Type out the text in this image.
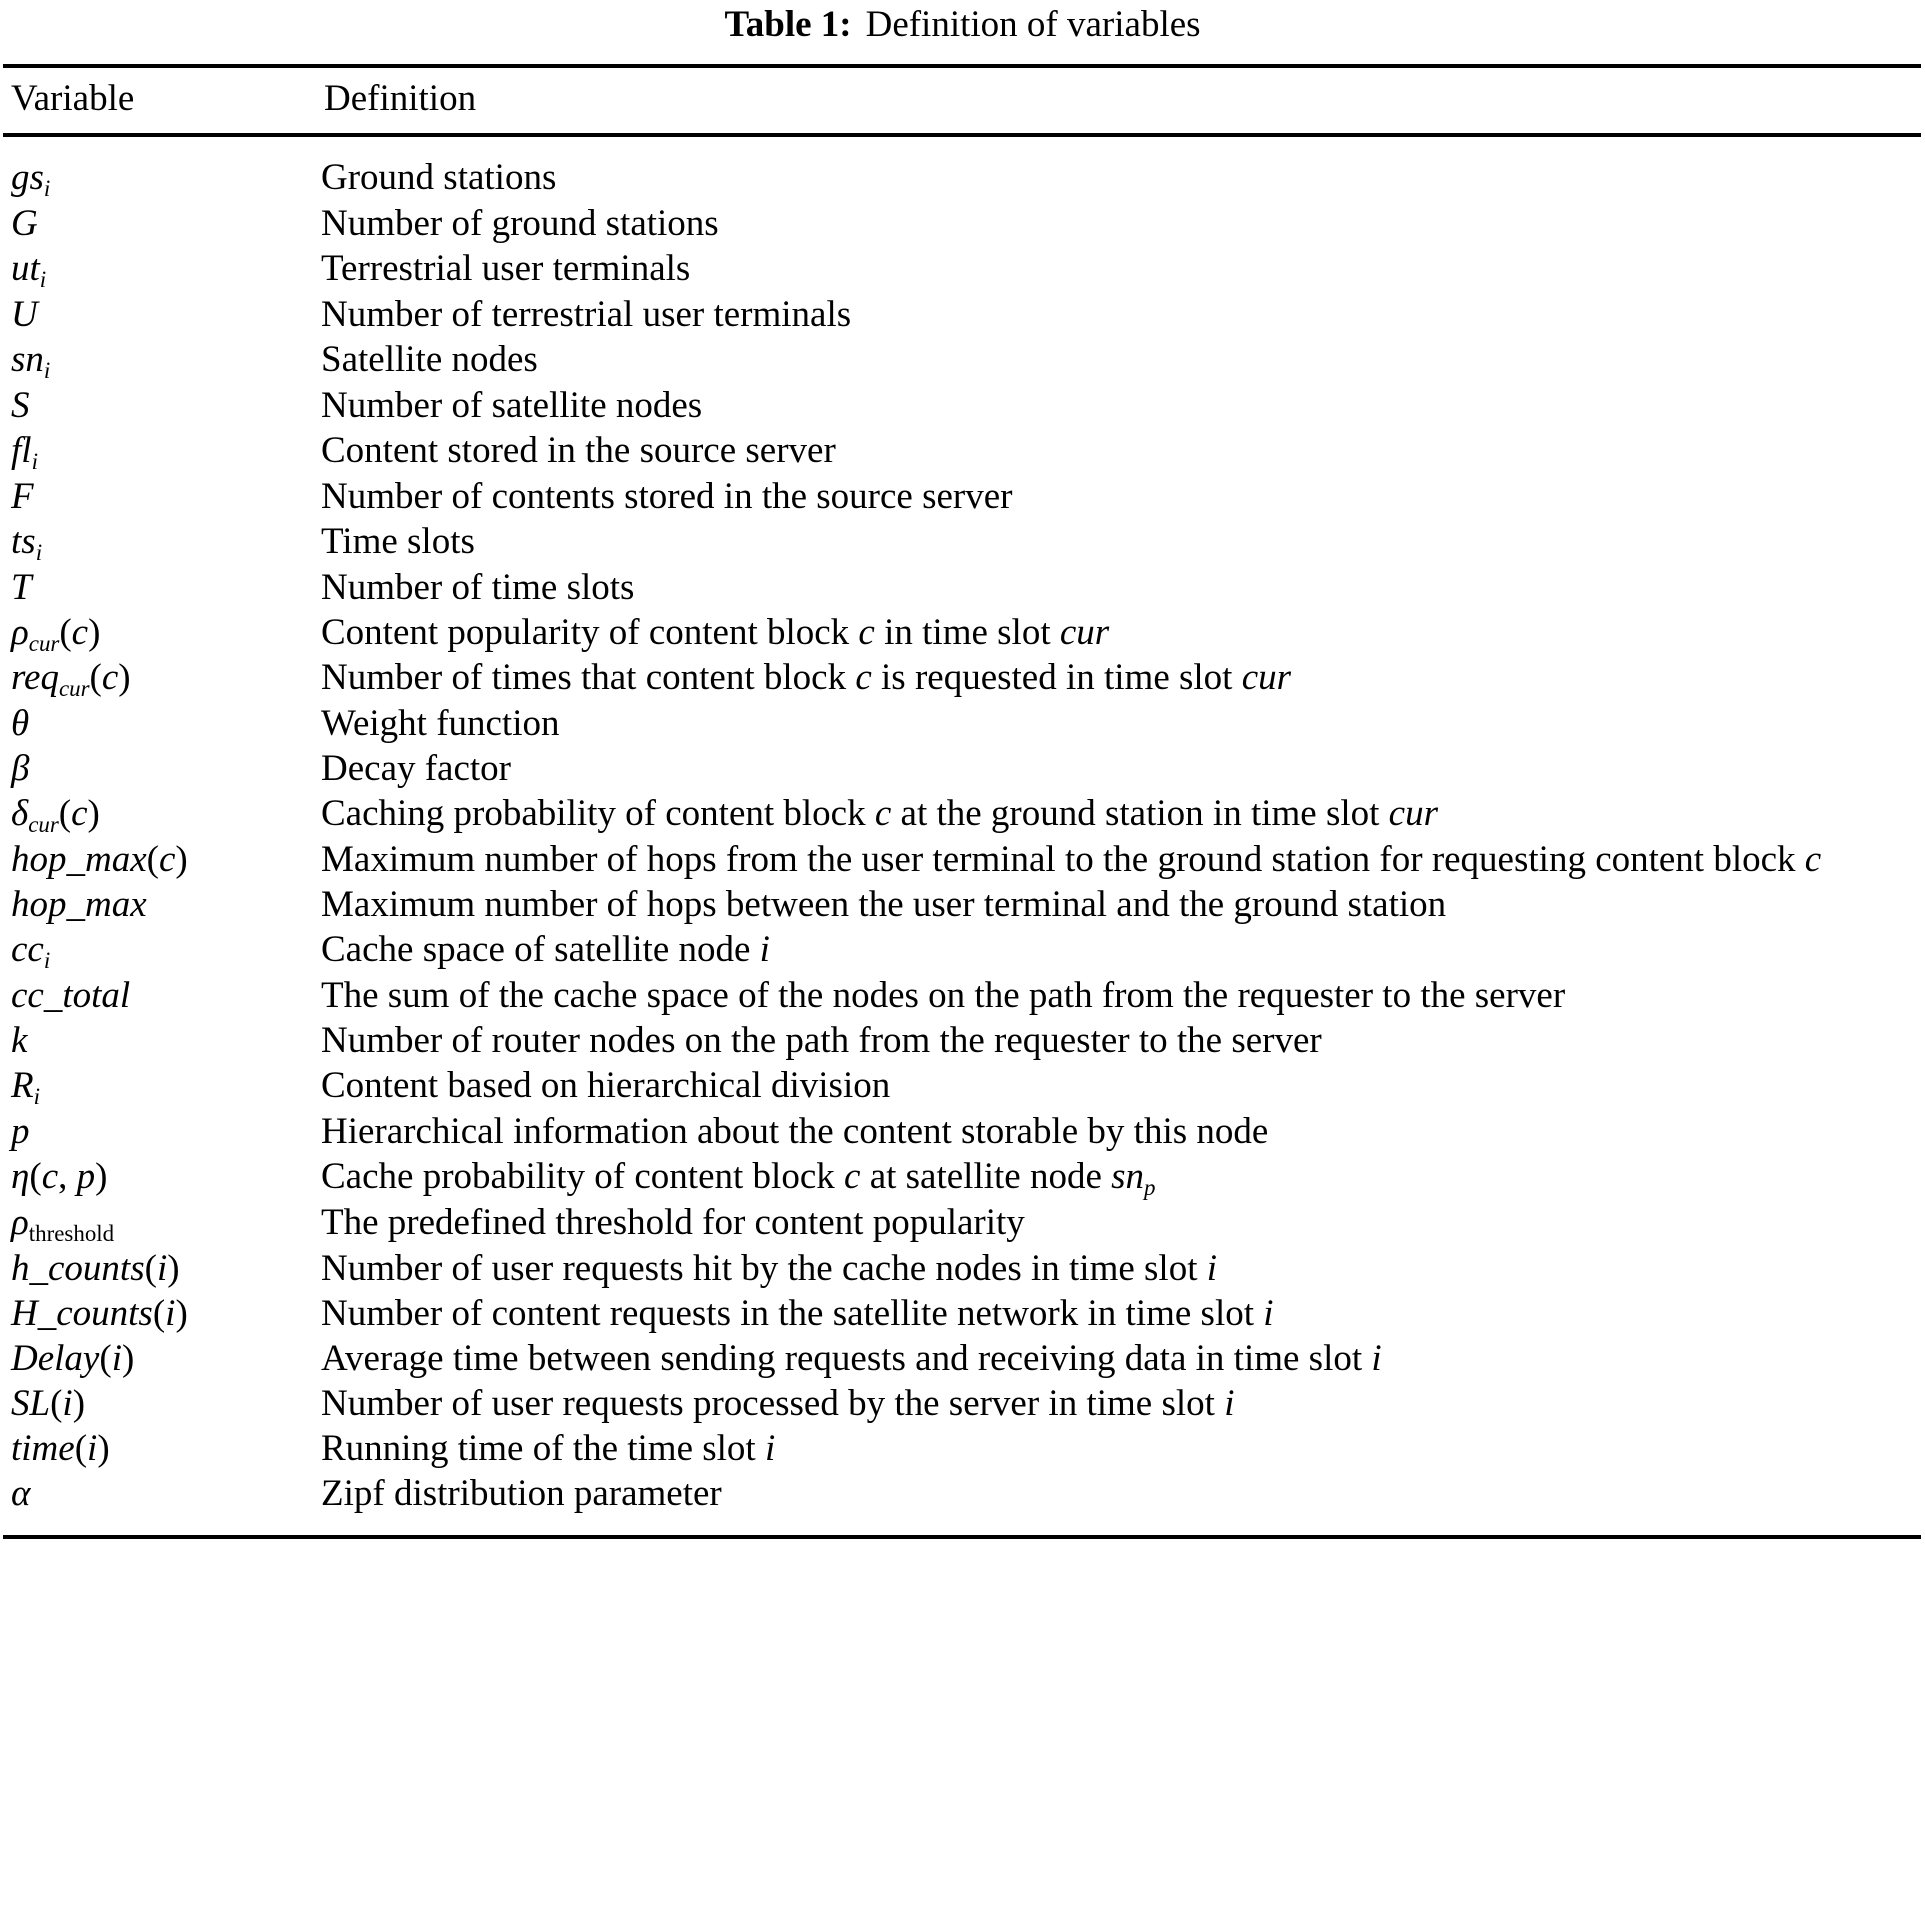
Table 1: Definition of variables
Variable	Definition
$gs_i$	Ground stations
G	Number of ground stations
$ut_i$	Terrestrial user terminals
U	Number of terrestrial user terminals
$sn_i$	Satellite nodes
S	Number of satellite nodes
$fl_i$	Content stored in the source server
F	Number of contents stored in the source server
$ts_i$	Time slots
T	Number of time slots
$\rho_{cur}(c)$	Content popularity of content block c in time slot cur
req$_{cur}$(c)	Number of times that content block c is requested in time slot cur
θ	Weight function
β	Decay factor
$\delta_{cur}(c)$	Caching probability of content block c at the ground station in time slot cur
hop_max(c)	Maximum number of hops from the user terminal to the ground station for requesting content block c
hop_max	Maximum number of hops between the user terminal and the ground station
$cc_i$	Cache space of satellite node i
cc_total	The sum of the cache space of the nodes on the path from the requester to the server
k	Number of router nodes on the path from the requester to the server
$R_i$	Content based on hierarchical division
p	Hierarchical information about the content storable by this node
η(c, p)	Cache probability of content block c at satellite node $sn_p$
ρthreshold	The predefined threshold for content popularity
h_counts(i)	Number of user requests hit by the cache nodes in time slot i
H_counts(i)	Number of content requests in the satellite network in time slot i
Delay(i)	Average time between sending requests and receiving data in time slot i
SL(i)	Number of user requests processed by the server in time slot i
time(i)	Running time of the time slot i
α	Zipf distribution parameter
